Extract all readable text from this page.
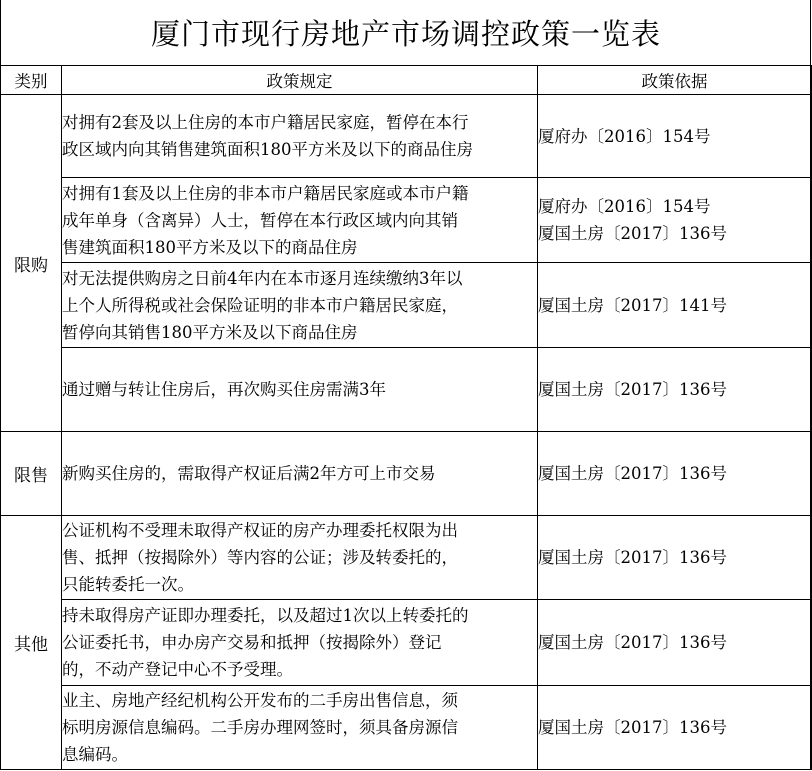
厦门市现行房地产市场调控政策一览表
类别	政策规定	政策依据
限购	对拥有2套及以上住房的本市户籍居民家庭，暂停在本行
政区域内向其销售建筑面积180平方米及以下的商品住房	厦府办〔2016〕154号

	对拥有1套及以上住房的非本市户籍居民家庭或本市户籍
成年单身（含离异）人士，暂停在本行政区域内向其销
售建筑面积180平方米及以下的商品住房	厦府办〔2016〕154号
厦国土房〔2017〕136号

	对无法提供购房之日前4年内在本市逐月连续缴纳3年以
上个人所得税或社会保险证明的非本市户籍居民家庭，
暂停向其销售180平方米及以下商品住房	厦国土房〔2017〕141号

	通过赠与转让住房后，再次购买住房需满3年	厦国土房〔2017〕136号

限售	新购买住房的，需取得产权证后满2年方可上市交易	厦国土房〔2017〕136号

其他	公证机构不受理未取得产权证的房产办理委托权限为出
售、抵押（按揭除外）等内容的公证；涉及转委托的，
只能转委托一次。	厦国土房〔2017〕136号

	持未取得房产证即办理委托，以及超过1次以上转委托的
公证委托书，申办房产交易和抵押（按揭除外）登记
的，不动产登记中心不予受理。	厦国土房〔2017〕136号

	业主、房地产经纪机构公开发布的二手房出售信息，须
标明房源信息编码。二手房办理网签时，须具备房源信
息编码。	厦国土房〔2017〕136号
